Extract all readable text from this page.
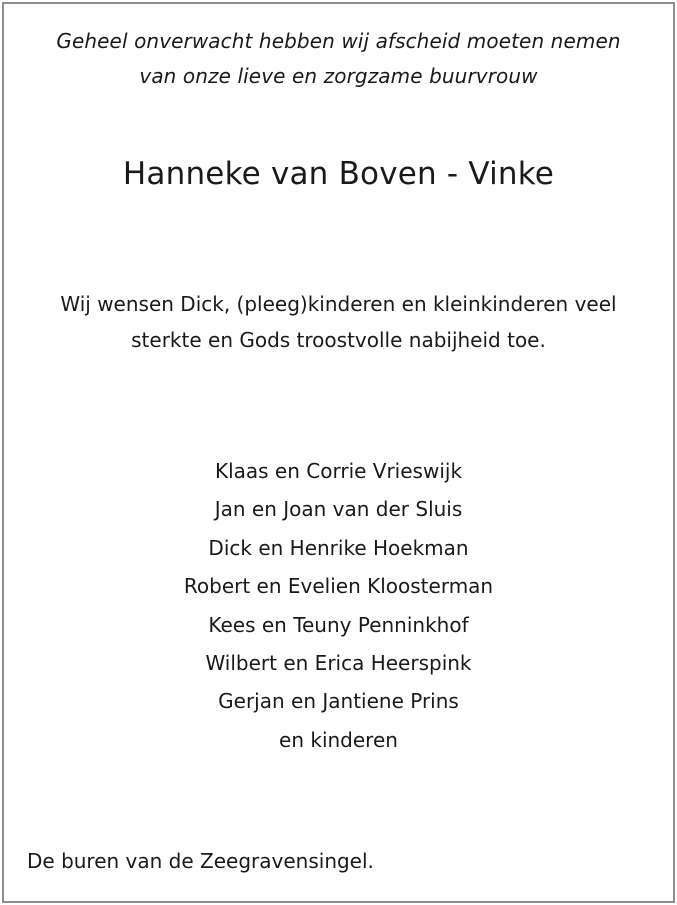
Geheel onverwacht hebben wij afscheid moeten nemen
van onze lieve en zorgzame buurvrouw
Hanneke van Boven - Vinke
Wij wensen Dick, (pleeg)kinderen en kleinkinderen veel
sterkte en Gods troostvolle nabijheid toe.
Klaas en Corrie Vrieswijk
Jan en Joan van der Sluis
Dick en Henrike Hoekman
Robert en Evelien Kloosterman
Kees en Teuny Penninkhof
Wilbert en Erica Heerspink
Gerjan en Jantiene Prins
en kinderen
De buren van de Zeegravensingel.
